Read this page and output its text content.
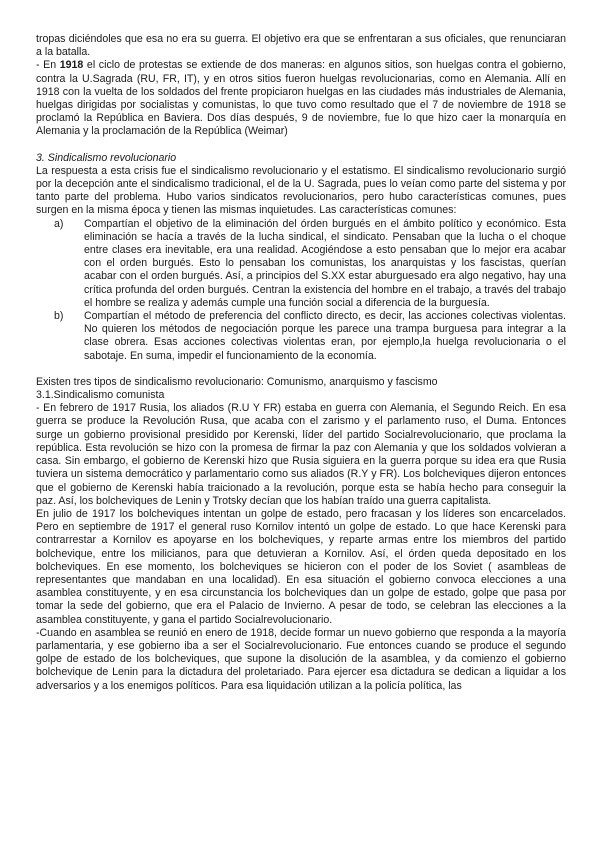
tropas diciéndoles que esa no era su guerra. El objetivo era que se enfrentaran a sus oficiales, que renunciaran a la batalla.

- En 1918 el ciclo de protestas se extiende de dos maneras: en algunos sitios, son huelgas contra el gobierno, contra la U.Sagrada (RU, FR, IT), y en otros sitios fueron huelgas revolucionarias, como en Alemania. Allí en 1918 con la vuelta de los soldados del frente propiciaron huelgas en las ciudades más industriales de Alemania, huelgas dirigidas por socialistas y comunistas, lo que tuvo como resultado que el 7 de noviembre de 1918 se proclamó la República en Baviera. Dos días después, 9 de noviembre, fue lo que hizo caer la monarquía en Alemania y la proclamación de la República (Weimar)

3. Sindicalismo revolucionario

La respuesta a esta crisis fue el sindicalismo revolucionario y el estatismo. El sindicalismo revolucionario surgió por la decepción ante el sindicalismo tradicional, el de la U. Sagrada, pues lo veían como parte del sistema y por tanto parte del problema. Hubo varios sindicatos revolucionarios, pero hubo características comunes, pues surgen en la misma época y tienen las mismas inquietudes. Las características comunes:

a)	Compartían el objetivo de la eliminación del órden burgués en el ámbito político y económico. Esta eliminación se hacía a través de la lucha sindical, el sindicato. Pensaban que la lucha o el choque entre clases era inevitable, era una realidad. Acogiéndose a esto pensaban que lo mejor era acabar con el orden burgués. Esto lo pensaban los comunistas, los anarquistas y los fascistas, querían acabar con el orden burgués. Así, a principios del S.XX estar aburguesado era algo negativo, hay una crítica profunda del orden burgués. Centran la existencia del hombre en el trabajo, a través del trabajo el hombre se realiza y además cumple una función social a diferencia de la burguesía.
b)	Compartían el método de preferencia del conflicto directo, es decir, las acciones colectivas violentas. No quieren los métodos de negociación porque les parece una trampa burguesa para integrar a la clase obrera. Esas acciones colectivas violentas eran, por ejemplo,la huelga revolucionaria o el sabotaje. En suma, impedir el funcionamiento de la economía.

Existen tres tipos de sindicalismo revolucionario: Comunismo, anarquismo y fascismo

3.1.Sindicalismo comunista

- En febrero de 1917 Rusia, los aliados (R.U Y FR) estaba en guerra con Alemania, el Segundo Reich. En esa guerra se produce la Revolución Rusa, que acaba con el zarismo y el parlamento ruso, el Duma. Entonces surge un gobierno provisional presidido por Kerenski, líder del partido Socialrevolucionario, que proclama la república. Esta revolución se hizo con la promesa de firmar la paz con Alemania y que los soldados volvieran a casa. Sin embargo, el gobierno de Kerenski hizo que Rusia siguiera en la guerra porque su idea era que Rusia tuviera un sistema democrático y parlamentario como sus aliados (R.Y y FR). Los bolcheviques dijeron entonces que el gobierno de Kerenski había traicionado a la revolución, porque esta se había hecho para conseguir la paz. Así, los bolcheviques de Lenin y Trotsky decían que los habían traído una guerra capitalista.

En julio de 1917 los bolcheviques intentan un golpe de estado, pero fracasan y los líderes son encarcelados. Pero en septiembre de 1917 el general ruso Kornilov intentó un golpe de estado. Lo que hace Kerenski para contrarrestar a Kornilov es apoyarse en los bolcheviques, y reparte armas entre los miembros del partido bolchevique, entre los milicianos, para que detuvieran a Kornilov. Así, el órden queda depositado en los bolcheviques. En ese momento, los bolcheviques se hicieron con el poder de los Soviet ( asambleas de representantes que mandaban en una localidad). En esa situación el gobierno convoca elecciones a una asamblea constituyente, y en esa circunstancia los bolcheviques dan un golpe de estado, golpe que pasa por tomar la sede del gobierno, que era el Palacio de Invierno. A pesar de todo, se celebran las elecciones a la asamblea constituyente, y gana el partido Socialrevolucionario.

-Cuando en asamblea se reunió en enero de 1918, decide formar un nuevo gobierno que responda a la mayoría parlamentaria, y ese gobierno iba a ser el Socialrevolucionario. Fue entonces cuando se produce el segundo golpe de estado de los bolcheviques, que supone la disolución de la asamblea, y da comienzo el gobierno bolchevique de Lenin para la dictadura del proletariado. Para ejercer esa dictadura se dedican a liquidar a los adversarios y a los enemigos políticos. Para esa liquidación utilizan a la policía política, las
